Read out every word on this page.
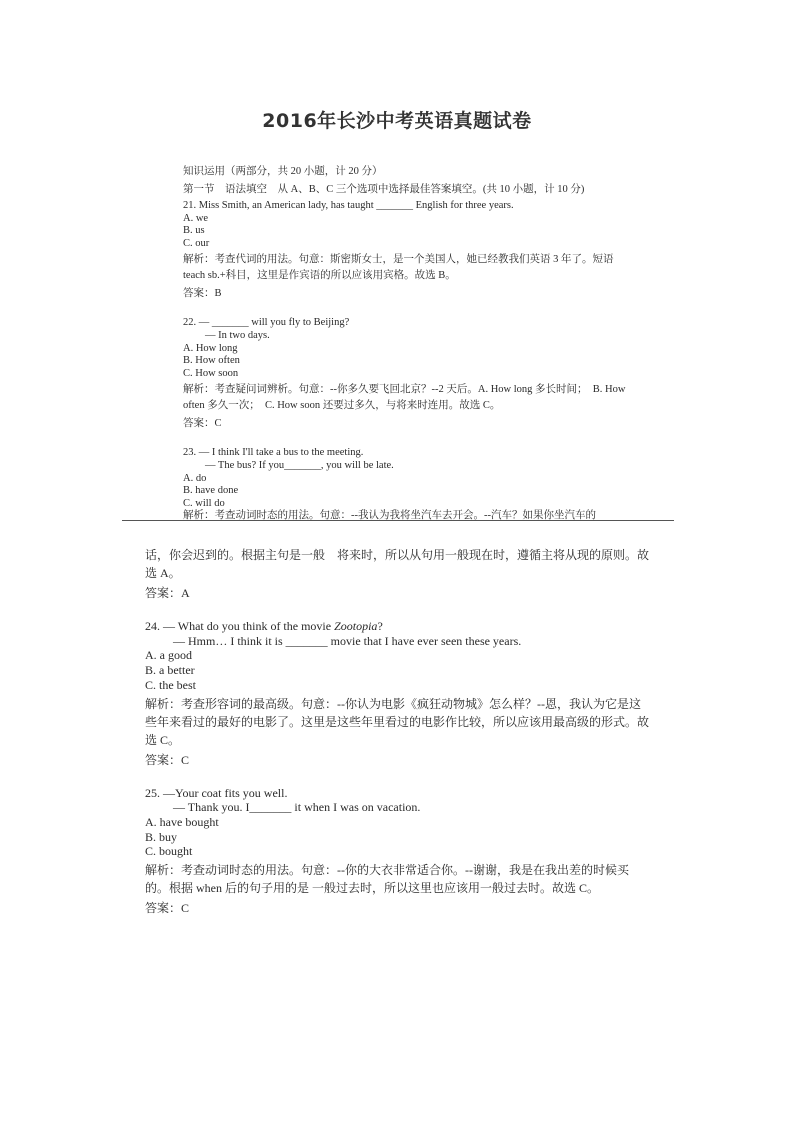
2016年长沙中考英语真题试卷
知识运用（两部分，共 20 小题，计 20 分）
第一节　语法填空　从 A、B、C 三个选项中选择最佳答案填空。(共 10 小题，计 10 分)
21. Miss Smith, an American lady, has taught _______ English for three years.
A. we
B. us
C. our
解析：考查代词的用法。句意：斯密斯女士，是一个美国人，她已经教我们英语 3 年了。短语 teach sb.+科目，这里是作宾语的所以应该用宾格。故选 B。
答案：B
22. — _______ will you fly to Beijing?
— In two days.
A. How long
B. How often
C. How soon
解析：考查疑问词辨析。句意：--你多久要飞回北京？--2 天后。A. How long 多长时间；　B. How often 多久一次；　C. How soon 还要过多久，与将来时连用。故选 C。
答案：C
23. — I think I'll take a bus to the meeting.
— The bus? If you_______, you will be late.
A. do
B. have done
C. will do
解析：考查动词时态的用法。句意：--我认为我将坐汽车去开会。--汽车？如果你坐汽车的
话，你会迟到的。根据主句是一般　将来时，所以从句用一般现在时，遵循主将从现的原则。故选 A。
答案：A
24. — What do you think of the movie Zootopia?
— Hmm… I think it is _______ movie that I have ever seen these years.
A. a good
B. a better
C. the best
解析：考查形容词的最高级。句意：--你认为电影《疯狂动物城》怎么样？--恩，我认为它是这些年来看过的最好的电影了。这里是这些年里看过的电影作比较，所以应该用最高级的形式。故选 C。
答案：C
25. —Your coat fits you well.
— Thank you. I_______ it when I was on vacation.
A. have bought
B. buy
C. bought
解析：考查动词时态的用法。句意：--你的大衣非常适合你。--谢谢，我是在我出差的时候买的。根据 when 后的句子用的是 一般过去时，所以这里也应该用一般过去时。故选 C。
答案：C
